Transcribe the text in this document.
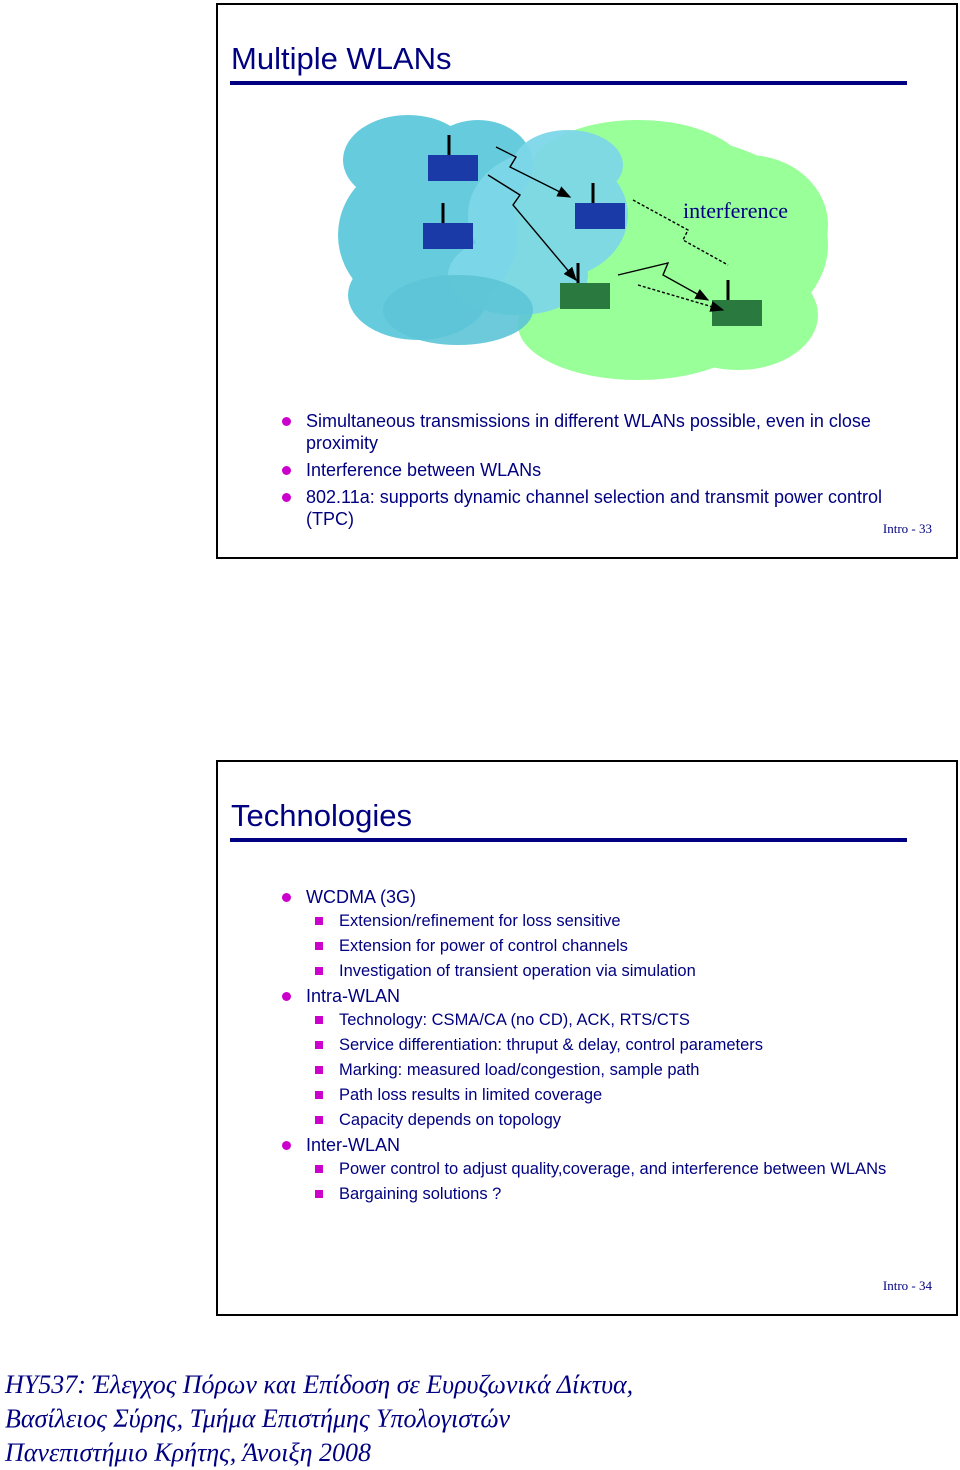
Multiple WLANs
interference
Simultaneous transmissions in different WLANs possible, even in close proximity
Interference between WLANs
802.11a: supports dynamic channel selection and transmit power control (TPC)	Intro - 33
Technologies
WCDMA (3G)
Extension/refinement for loss sensitive
Extension for power of control channels
Investigation of transient operation via simulation
Intra-WLAN
Technology: CSMA/CA (no CD), ACK, RTS/CTS
Service differentiation: thruput & delay, control parameters
Marking: measured load/congestion, sample path
Path loss results in limited coverage
Capacity depends on topology
Inter-WLAN
Power control to adjust quality,coverage, and interference between WLANs
Bargaining solutions ?
Intro - 34
HY537: Έλεγχος Πόρων και Επίδοση σε Ευρυζωνικά Δίκτυα,
Βασίλειος Σύρης, Τμήμα Επιστήμης Υπολογιστών
Πανεπιστήμιο Κρήτης, Άνοιξη 2008
